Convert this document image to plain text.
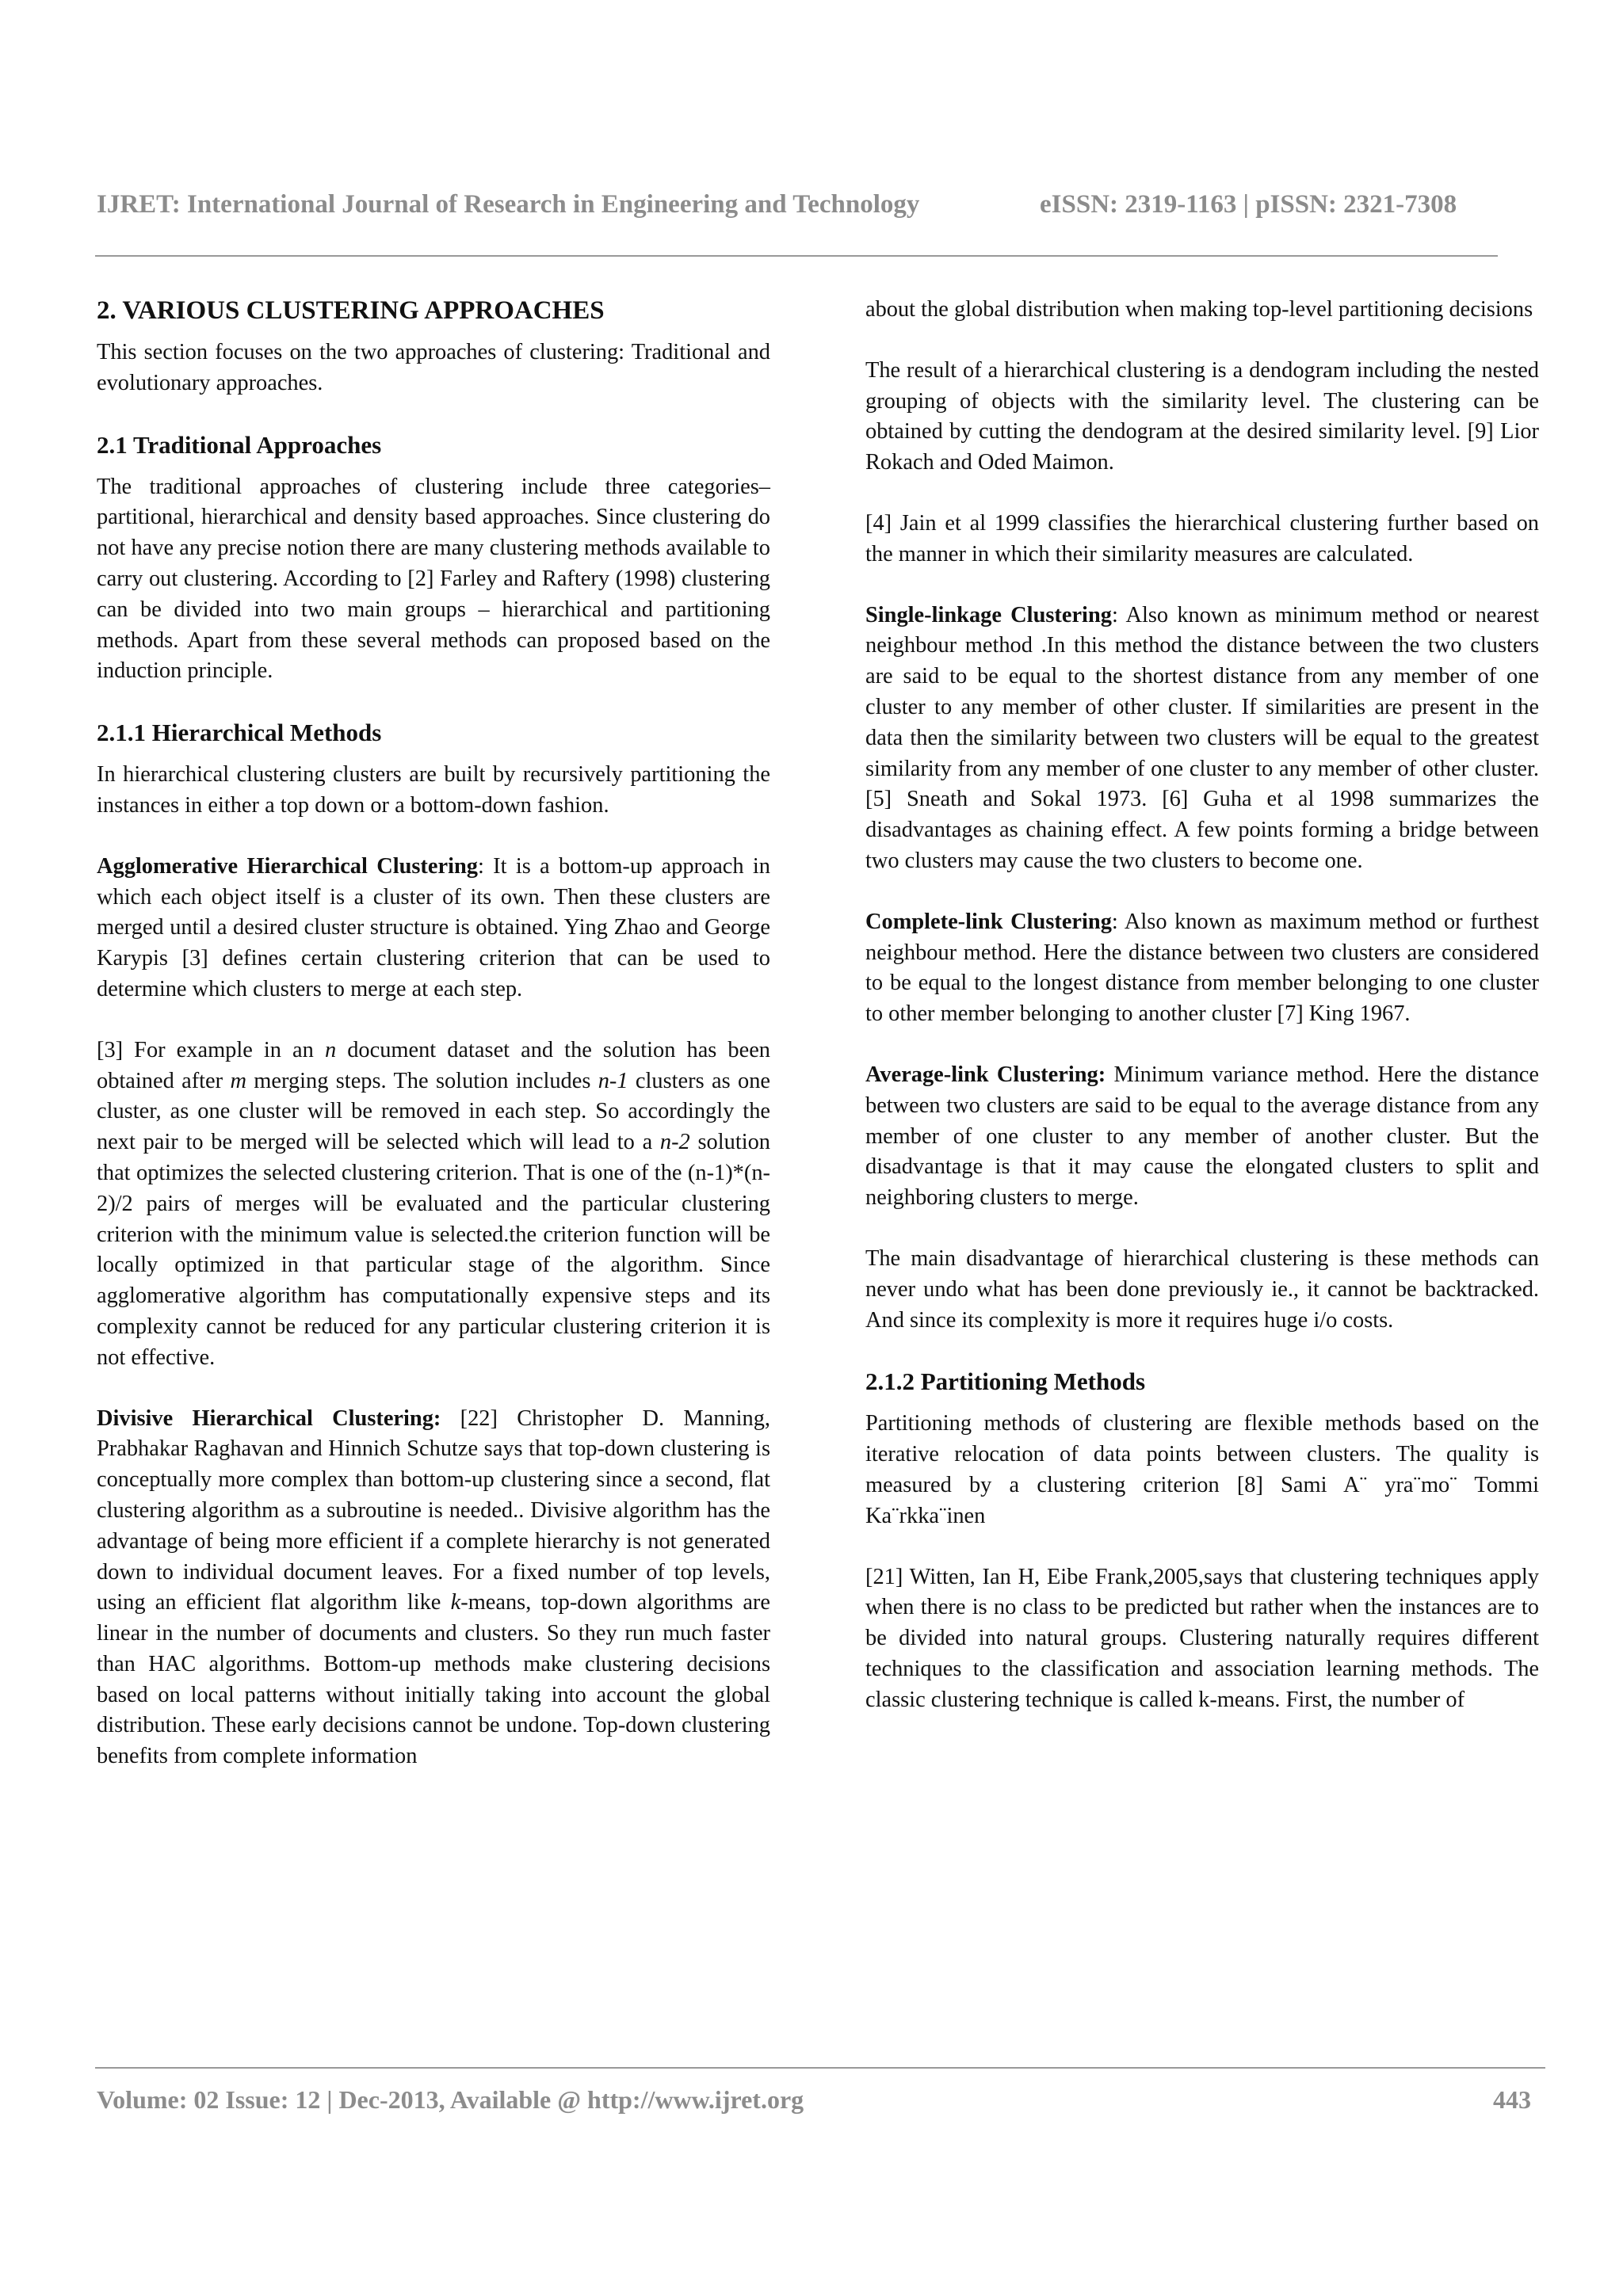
IJRET: International Journal of Research in Engineering and Technology	eISSN: 2319-1163 | pISSN: 2321-7308
2. VARIOUS CLUSTERING APPROACHES

This section focuses on the two approaches of clustering: Traditional and evolutionary approaches.

2.1 Traditional Approaches

The traditional approaches of clustering include three categories–partitional, hierarchical and density based approaches. Since clustering do not have any precise notion there are many clustering methods available to carry out clustering. According to [2] Farley and Raftery (1998) clustering can be divided into two main groups – hierarchical and partitioning methods. Apart from these several methods can proposed based on the induction principle.

2.1.1 Hierarchical Methods

In hierarchical clustering clusters are built by recursively partitioning the instances in either a top down or a bottom-down fashion.

Agglomerative Hierarchical Clustering: It is a bottom-up approach in which each object itself is a cluster of its own. Then these clusters are merged until a desired cluster structure is obtained. Ying Zhao and George Karypis [3] defines certain clustering criterion that can be used to determine which clusters to merge at each step.

[3] For example in an n document dataset and the solution has been obtained after m merging steps. The solution includes n-1 clusters as one cluster, as one cluster will be removed in each step. So accordingly the next pair to be merged will be selected which will lead to a n-2 solution that optimizes the selected clustering criterion. That is one of the (n-1)*(n-2)/2 pairs of merges will be evaluated and the particular clustering criterion with the minimum value is selected.the criterion function will be locally optimized in that particular stage of the algorithm. Since agglomerative algorithm has computationally expensive steps and its complexity cannot be reduced for any particular clustering criterion it is not effective.

Divisive Hierarchical Clustering: [22] Christopher D. Manning, Prabhakar Raghavan and Hinnich Schutze says that top-down clustering is conceptually more complex than bottom-up clustering since a second, flat clustering algorithm as a subroutine is needed.. Divisive algorithm has the advantage of being more efficient if a complete hierarchy is not generated down to individual document leaves. For a fixed number of top levels, using an efficient flat algorithm like k-means, top-down algorithms are linear in the number of documents and clusters. So they run much faster than HAC algorithms. Bottom-up methods make clustering decisions based on local patterns without initially taking into account the global distribution. These early decisions cannot be undone. Top-down clustering benefits from complete information

about the global distribution when making top-level partitioning decisions

The result of a hierarchical clustering is a dendogram including the nested grouping of objects with the similarity level. The clustering can be obtained by cutting the dendogram at the desired similarity level. [9] Lior Rokach and Oded Maimon.

[4] Jain et al 1999 classifies the hierarchical clustering further based on the manner in which their similarity measures are calculated.

Single-linkage Clustering: Also known as minimum method or nearest neighbour method .In this method the distance between the two clusters are said to be equal to the shortest distance from any member of one cluster to any member of other cluster. If similarities are present in the data then the similarity between two clusters will be equal to the greatest similarity from any member of one cluster to any member of other cluster. [5] Sneath and Sokal 1973. [6] Guha et al 1998 summarizes the disadvantages as chaining effect. A few points forming a bridge between two clusters may cause the two clusters to become one.

Complete-link Clustering: Also known as maximum method or furthest neighbour method. Here the distance between two clusters are considered to be equal to the longest distance from member belonging to one cluster to other member belonging to another cluster [7] King 1967.

Average-link Clustering: Minimum variance method. Here the distance between two clusters are said to be equal to the average distance from any member of one cluster to any member of another cluster. But the disadvantage is that it may cause the elongated clusters to split and neighboring clusters to merge.

The main disadvantage of hierarchical clustering is these methods can never undo what has been done previously ie., it cannot be backtracked. And since its complexity is more it requires huge i/o costs.

2.1.2 Partitioning Methods

Partitioning methods of clustering are flexible methods based on the iterative relocation of data points between clusters. The quality is measured by a clustering criterion [8] Sami A¨ yra¨mo¨ Tommi Ka¨rkka¨inen

[21] Witten, Ian H, Eibe Frank,2005,says that clustering techniques apply when there is no class to be predicted but rather when the instances are to be divided into natural groups. Clustering naturally requires different techniques to the classification and association learning methods. The classic clustering technique is called k-means. First, the number of

Volume: 02 Issue: 12 | Dec-2013, Available @ http://www.ijret.org	443
